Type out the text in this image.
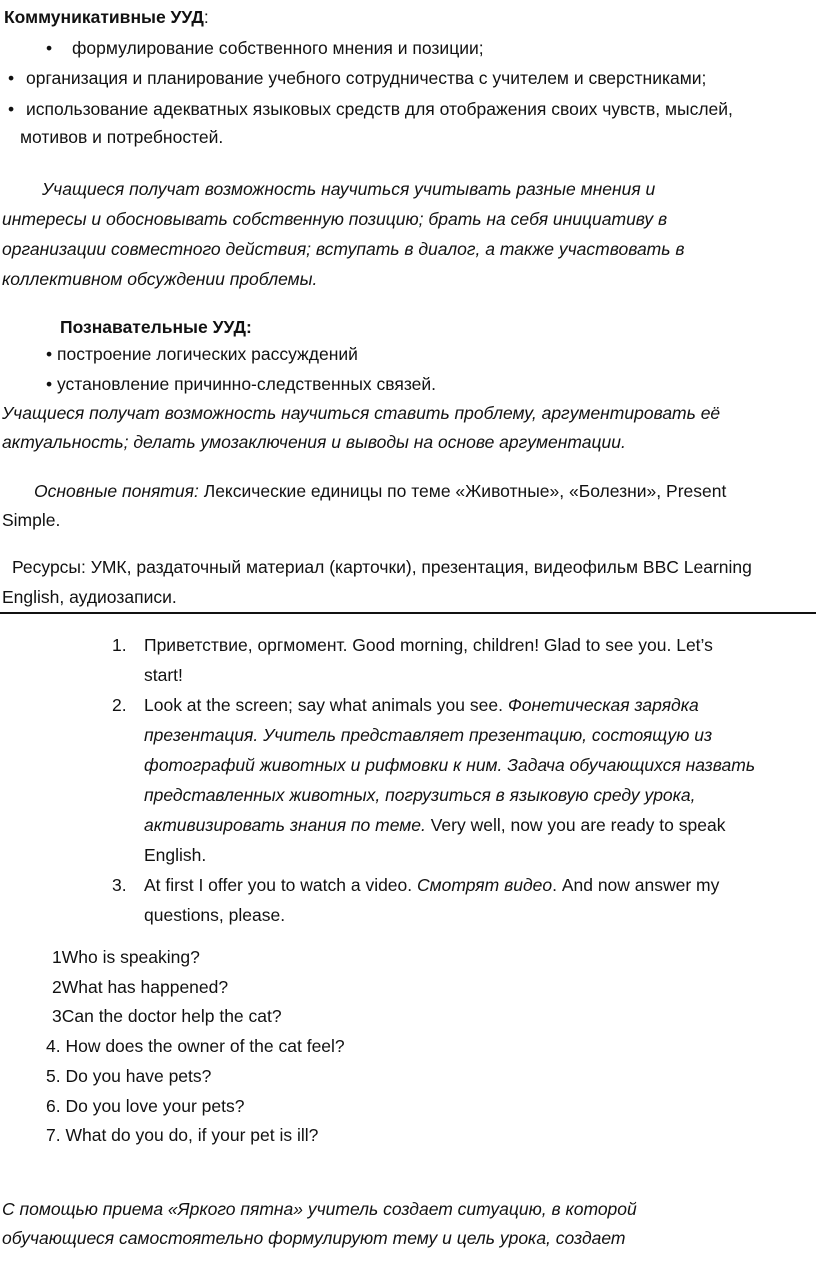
Коммуникативные УУД:
• формулирование собственного мнения и позиции;
• организация и планирование учебного сотрудничества с учителем и сверстниками;
• использование адекватных языковых средств для отображения своих чувств, мыслей,
мотивов и потребностей.
Учащиеся получат возможность научиться учитывать разные мнения и
интересы и обосновывать собственную позицию; брать на себя инициативу в
организации совместного действия; вступать в диалог, а также участвовать в
коллективном обсуждении проблемы.
Познавательные УУД:
• построение логических рассуждений
• установление причинно-следственных связей.
Учащиеся получат возможность научиться ставить проблему, аргументировать её
актуальность; делать умозаключения и выводы на основе аргументации.
Основные понятия: Лексические единицы по теме «Животные», «Болезни», Present
Simple.
Ресурсы: УМК, раздаточный материал (карточки), презентация, видеофильм BBC Learning
English, аудиозаписи.
1. Приветствие, оргмомент. Good morning, children! Glad to see you. Let’s
start!
2. Look at the screen; say what animals you see. Фонетическая зарядка
презентация. Учитель представляет презентацию, состоящую из
фотографий животных и рифмовки к ним. Задача обучающихся назвать
представленных животных, погрузиться в языковую среду урока,
активизировать знания по теме. Very well, now you are ready to speak
English.
3. At first I offer you to watch a video. Смотрят видео. And now answer my
questions, please.
1Who is speaking?
2What has happened?
3Can the doctor help the cat?
4. How does the owner of the cat feel?
5. Do you have pets?
6. Do you love your pets?
7. What do you do, if your pet is ill?
С помощью приема «Яркого пятна» учитель создает ситуацию, в которой
обучающиеся самостоятельно формулируют тему и цель урока, создает
